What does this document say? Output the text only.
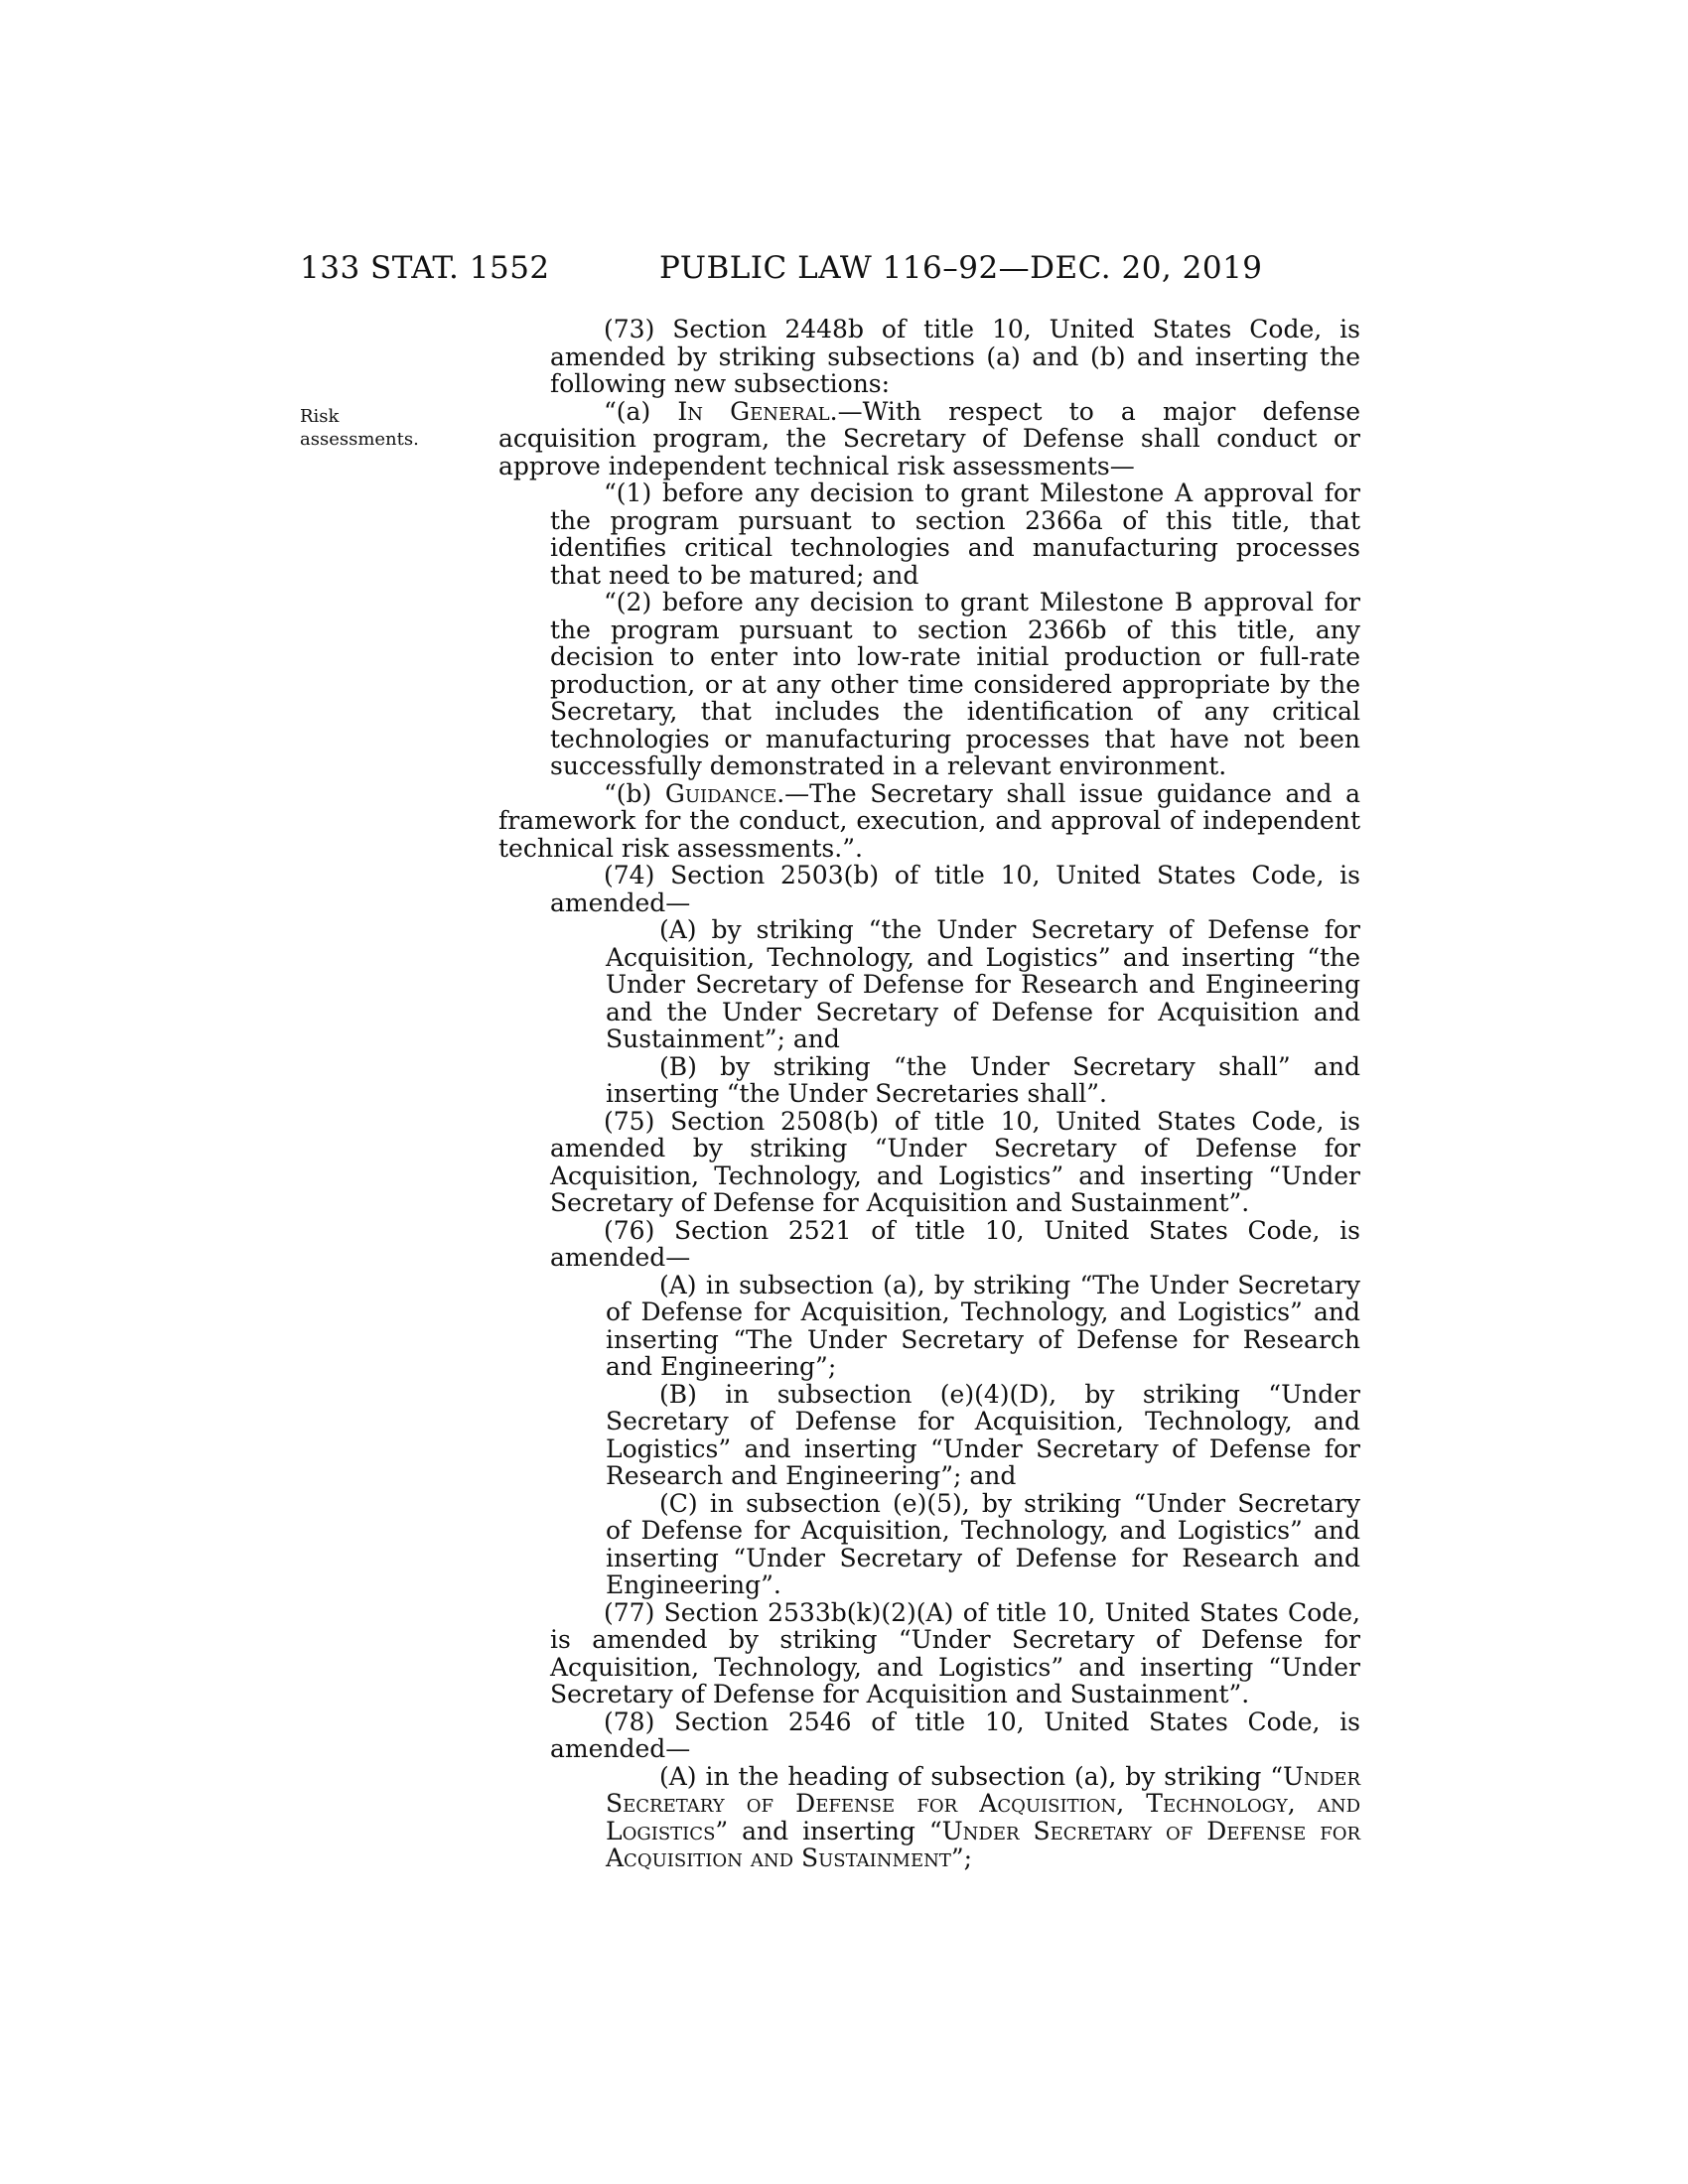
133 STAT. 1552	PUBLIC LAW 116–92—DEC. 20, 2019
Risk assessments.

(73) Section 2448b of title 10, United States Code, is amended by striking subsections (a) and (b) and inserting the following new subsections:

“(a) In General.—With respect to a major defense acquisition program, the Secretary of Defense shall conduct or approve independent technical risk assessments—

“(1) before any decision to grant Milestone A approval for the program pursuant to section 2366a of this title, that identifies critical technologies and manufacturing processes that need to be matured; and

“(2) before any decision to grant Milestone B approval for the program pursuant to section 2366b of this title, any decision to enter into low-rate initial production or full-rate production, or at any other time considered appropriate by the Secretary, that includes the identification of any critical technologies or manufacturing processes that have not been successfully demonstrated in a relevant environment.

“(b) Guidance.—The Secretary shall issue guidance and a framework for the conduct, execution, and approval of independent technical risk assessments.”.

(74) Section 2503(b) of title 10, United States Code, is amended—

(A) by striking “the Under Secretary of Defense for Acquisition, Technology, and Logistics” and inserting “the Under Secretary of Defense for Research and Engineering and the Under Secretary of Defense for Acquisition and Sustainment”; and

(B) by striking “the Under Secretary shall” and inserting “the Under Secretaries shall”.

(75) Section 2508(b) of title 10, United States Code, is amended by striking “Under Secretary of Defense for Acquisition, Technology, and Logistics” and inserting “Under Secretary of Defense for Acquisition and Sustainment”.

(76) Section 2521 of title 10, United States Code, is amended—

(A) in subsection (a), by striking “The Under Secretary of Defense for Acquisition, Technology, and Logistics” and inserting “The Under Secretary of Defense for Research and Engineering”;

(B) in subsection (e)(4)(D), by striking “Under Secretary of Defense for Acquisition, Technology, and Logistics” and inserting “Under Secretary of Defense for Research and Engineering”; and

(C) in subsection (e)(5), by striking “Under Secretary of Defense for Acquisition, Technology, and Logistics” and inserting “Under Secretary of Defense for Research and Engineering”.

(77) Section 2533b(k)(2)(A) of title 10, United States Code, is amended by striking “Under Secretary of Defense for Acquisition, Technology, and Logistics” and inserting “Under Secretary of Defense for Acquisition and Sustainment”.

(78) Section 2546 of title 10, United States Code, is amended—

(A) in the heading of subsection (a), by striking “Under Secretary of Defense for Acquisition, Technology, and Logistics” and inserting “Under Secretary of Defense for Acquisition and Sustainment”;
